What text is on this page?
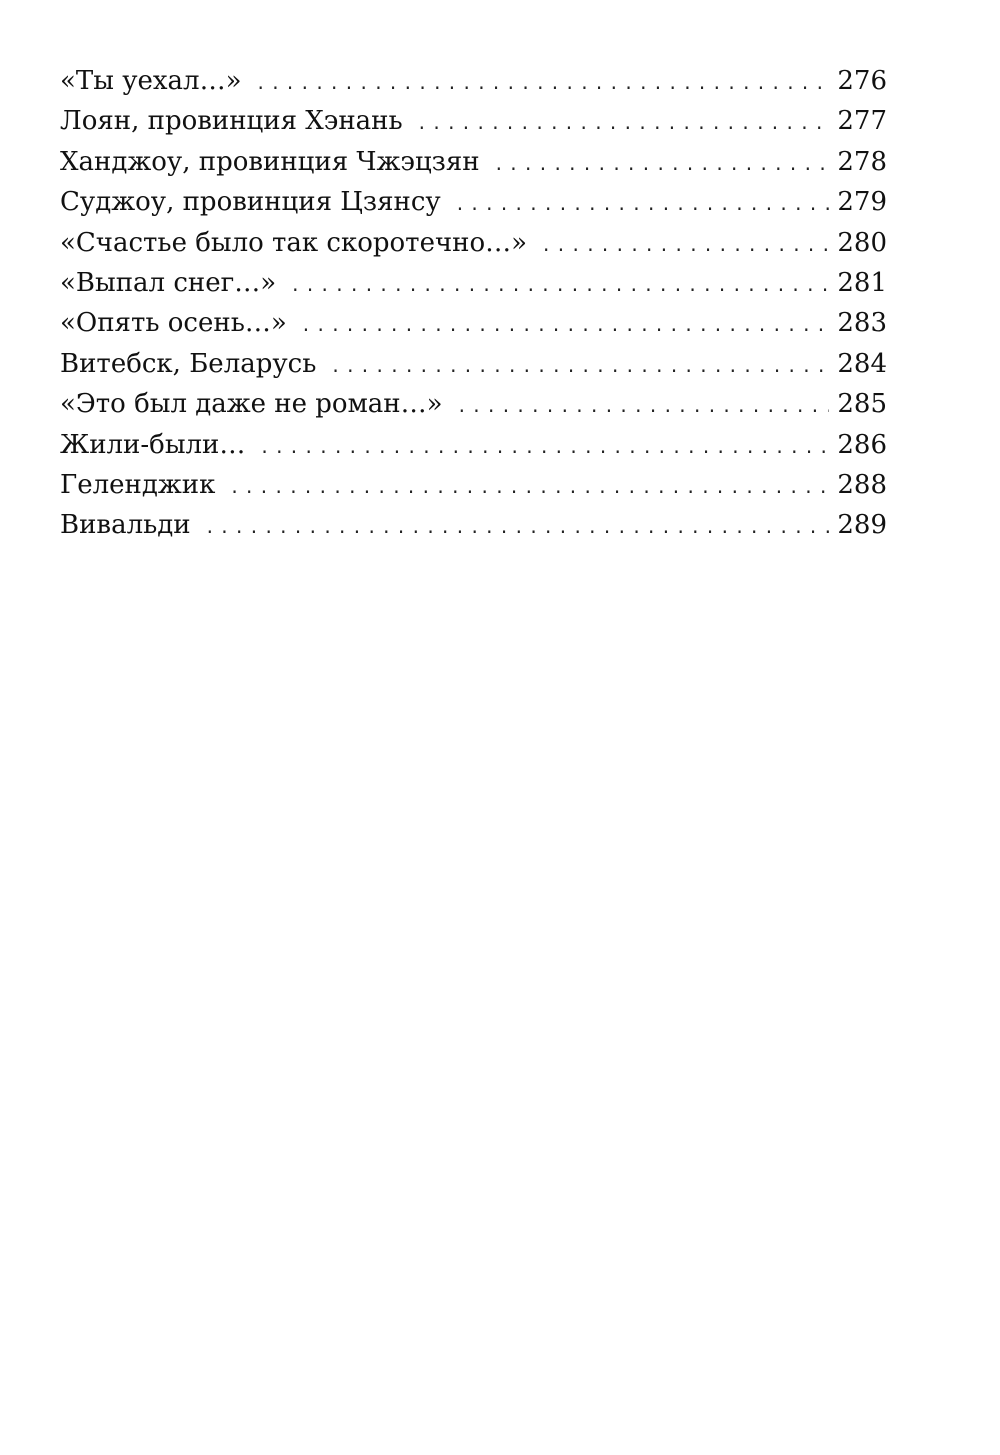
«Ты уехал…» . . .	276
Лоян, провинция Хэнань . . .	277
Ханджоу, провинция Чжэцзян . . .	278
Суджоу, провинция Цзянсу . . .	279
«Счастье было так скоротечно…» . . .	280
«Выпал снег…» . . .	281
«Опять осень…» . . .	283
Витебск, Беларусь . . .	284
«Это был даже не роман…» . . .	285
Жили-были… . . .	286
Геленджик . . .	288
Вивальди . . .	289
